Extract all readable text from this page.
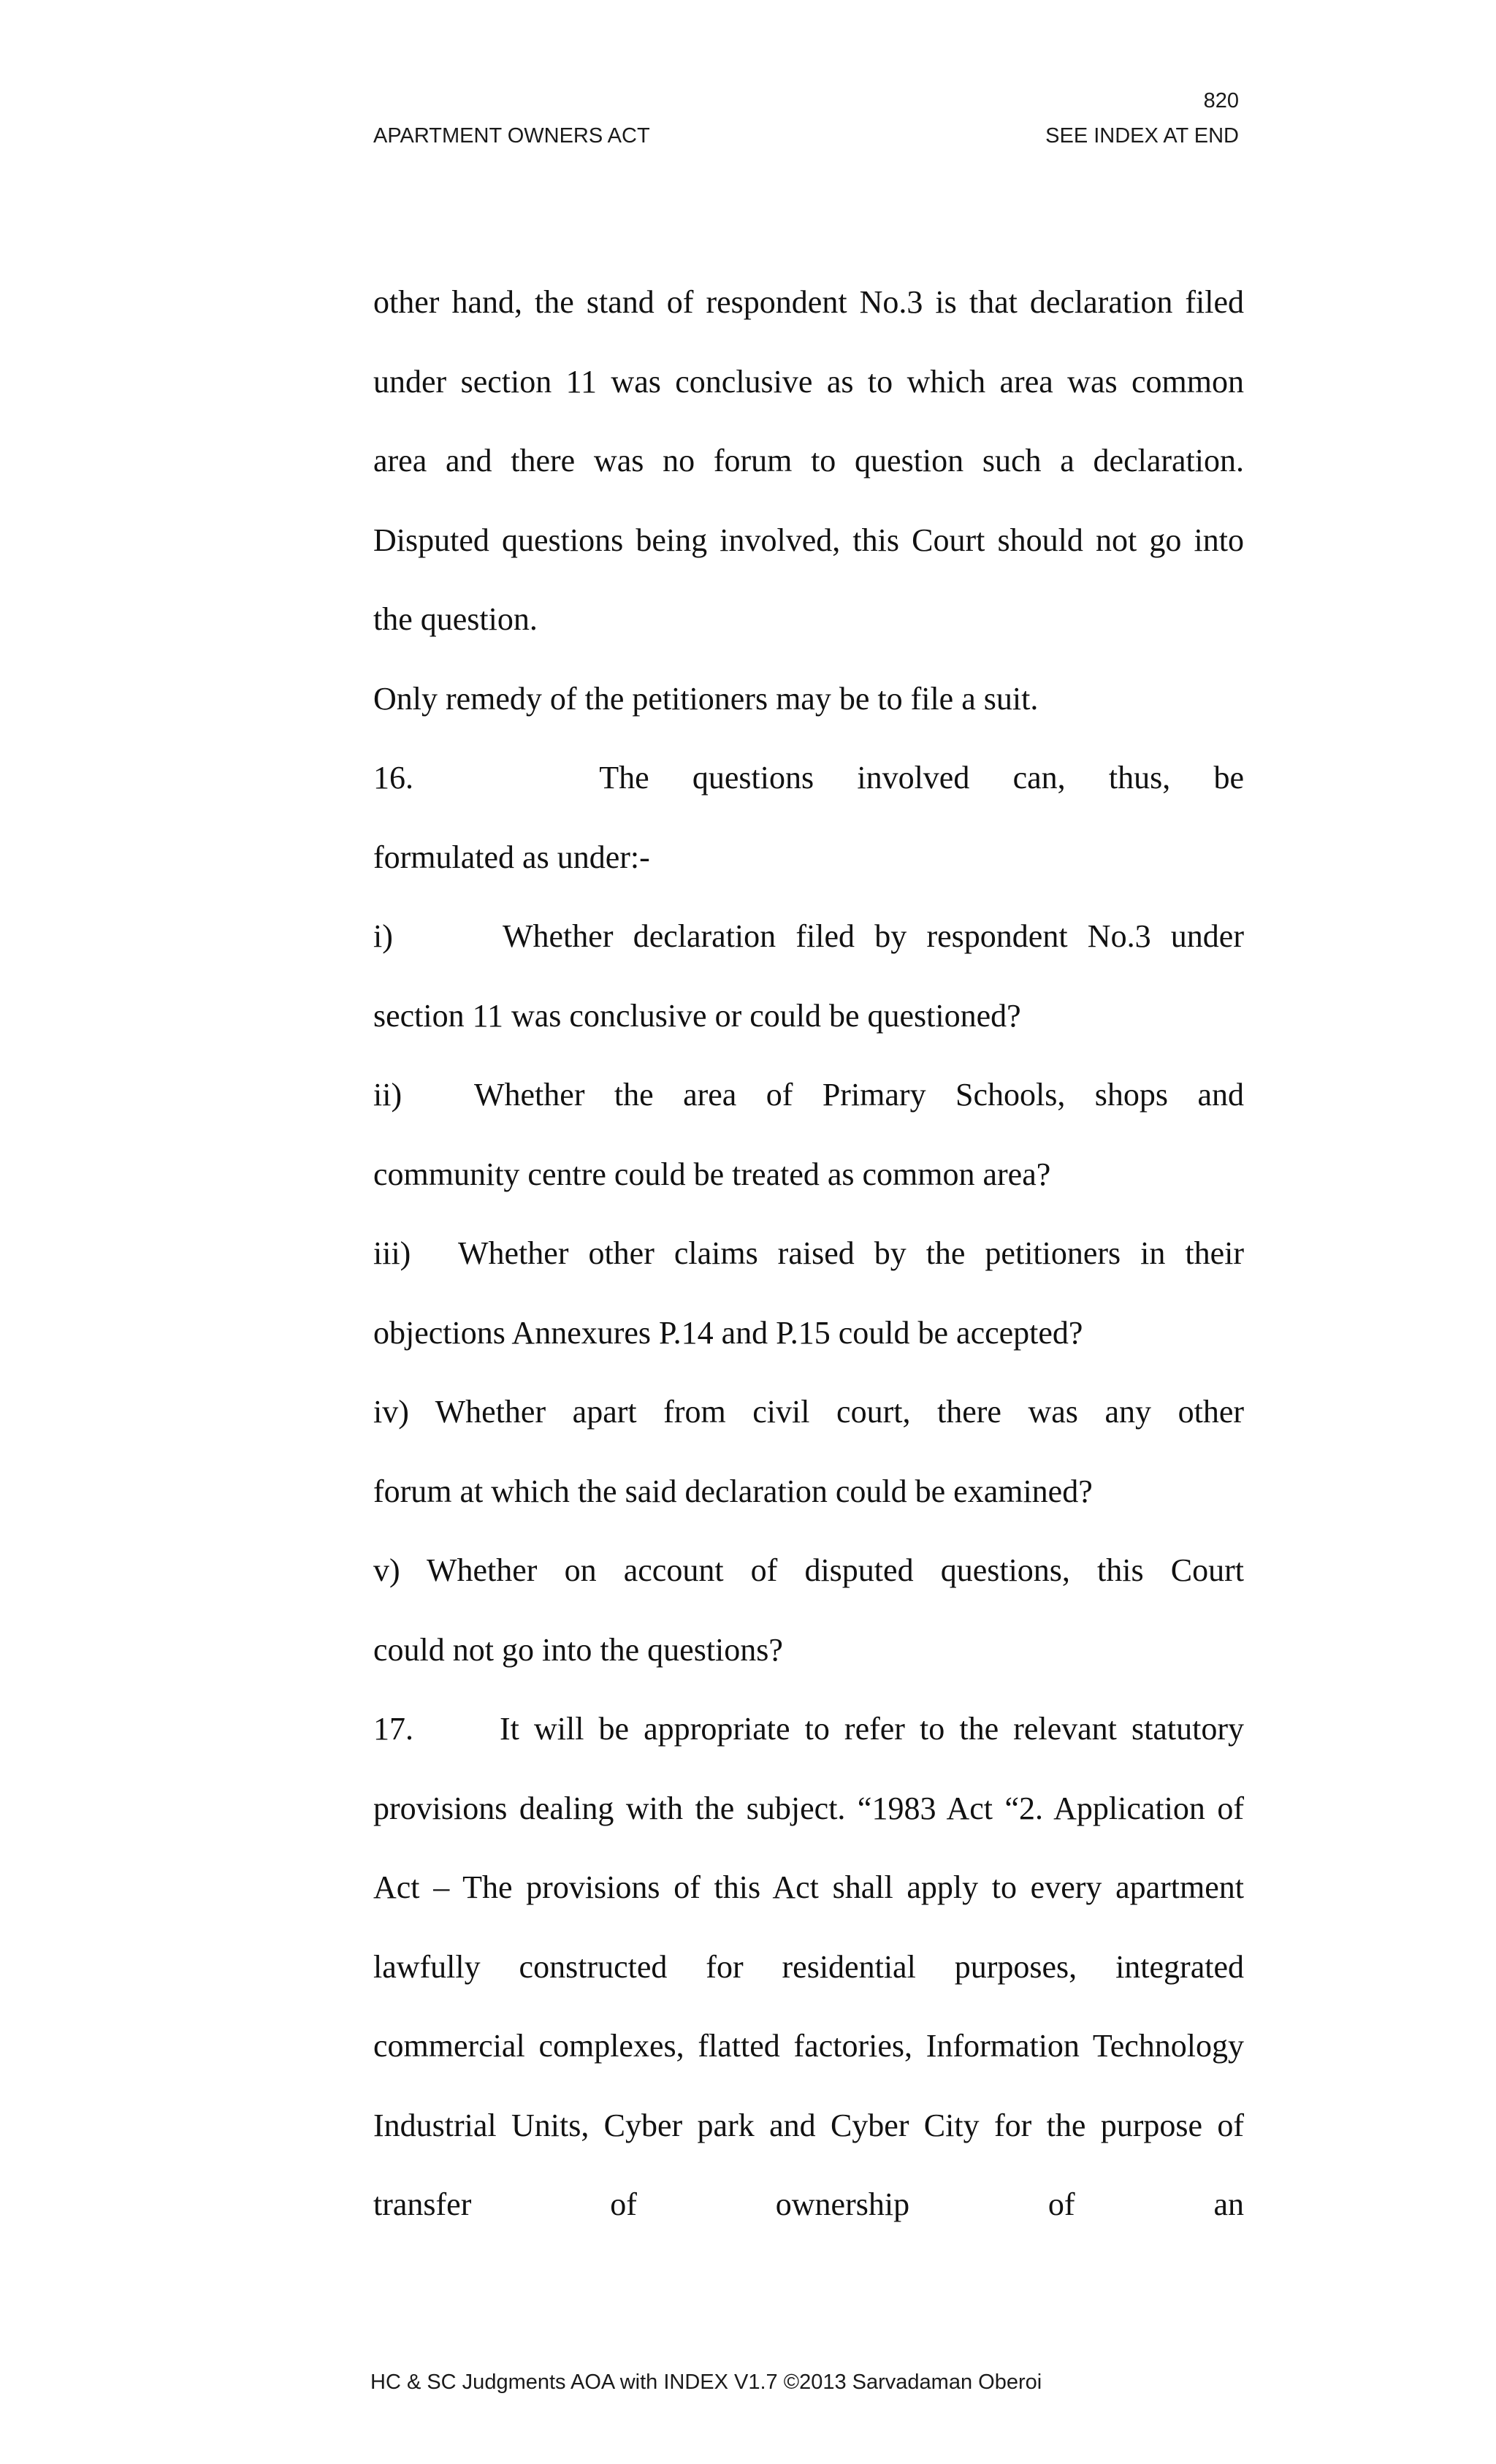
820
APARTMENT OWNERS ACT	SEE INDEX AT END

other hand, the stand of respondent No.3 is that declaration filed under section 11 was conclusive as to which area was common area and there was no forum to question such a declaration. Disputed questions being involved, this Court should not go into the question.

Only remedy of the petitioners may be to file a suit.

16.	The questions involved can, thus, be

formulated as under:-

i)	Whether declaration filed by respondent No.3 under

section 11 was conclusive or could be questioned?

ii)	Whether the area of Primary Schools, shops and

community centre could be treated as common area?

iii)	Whether other claims raised by the petitioners in their

objections Annexures P.14 and P.15 could be accepted?

iv) Whether apart from civil court, there was any other

forum at which the said declaration could be examined?

v) Whether on account of disputed questions, this Court

could not go into the questions?

17.	It will be appropriate to refer to the relevant statutory

provisions dealing with the subject. “1983 Act “2. Application of Act – The provisions of this Act shall apply to every apartment lawfully constructed for residential purposes, integrated commercial complexes, flatted factories, Information Technology Industrial Units, Cyber park and Cyber City for the purpose of transfer of ownership of an

HC & SC Judgments AOA with INDEX V1.7 ©2013 Sarvadaman Oberoi
